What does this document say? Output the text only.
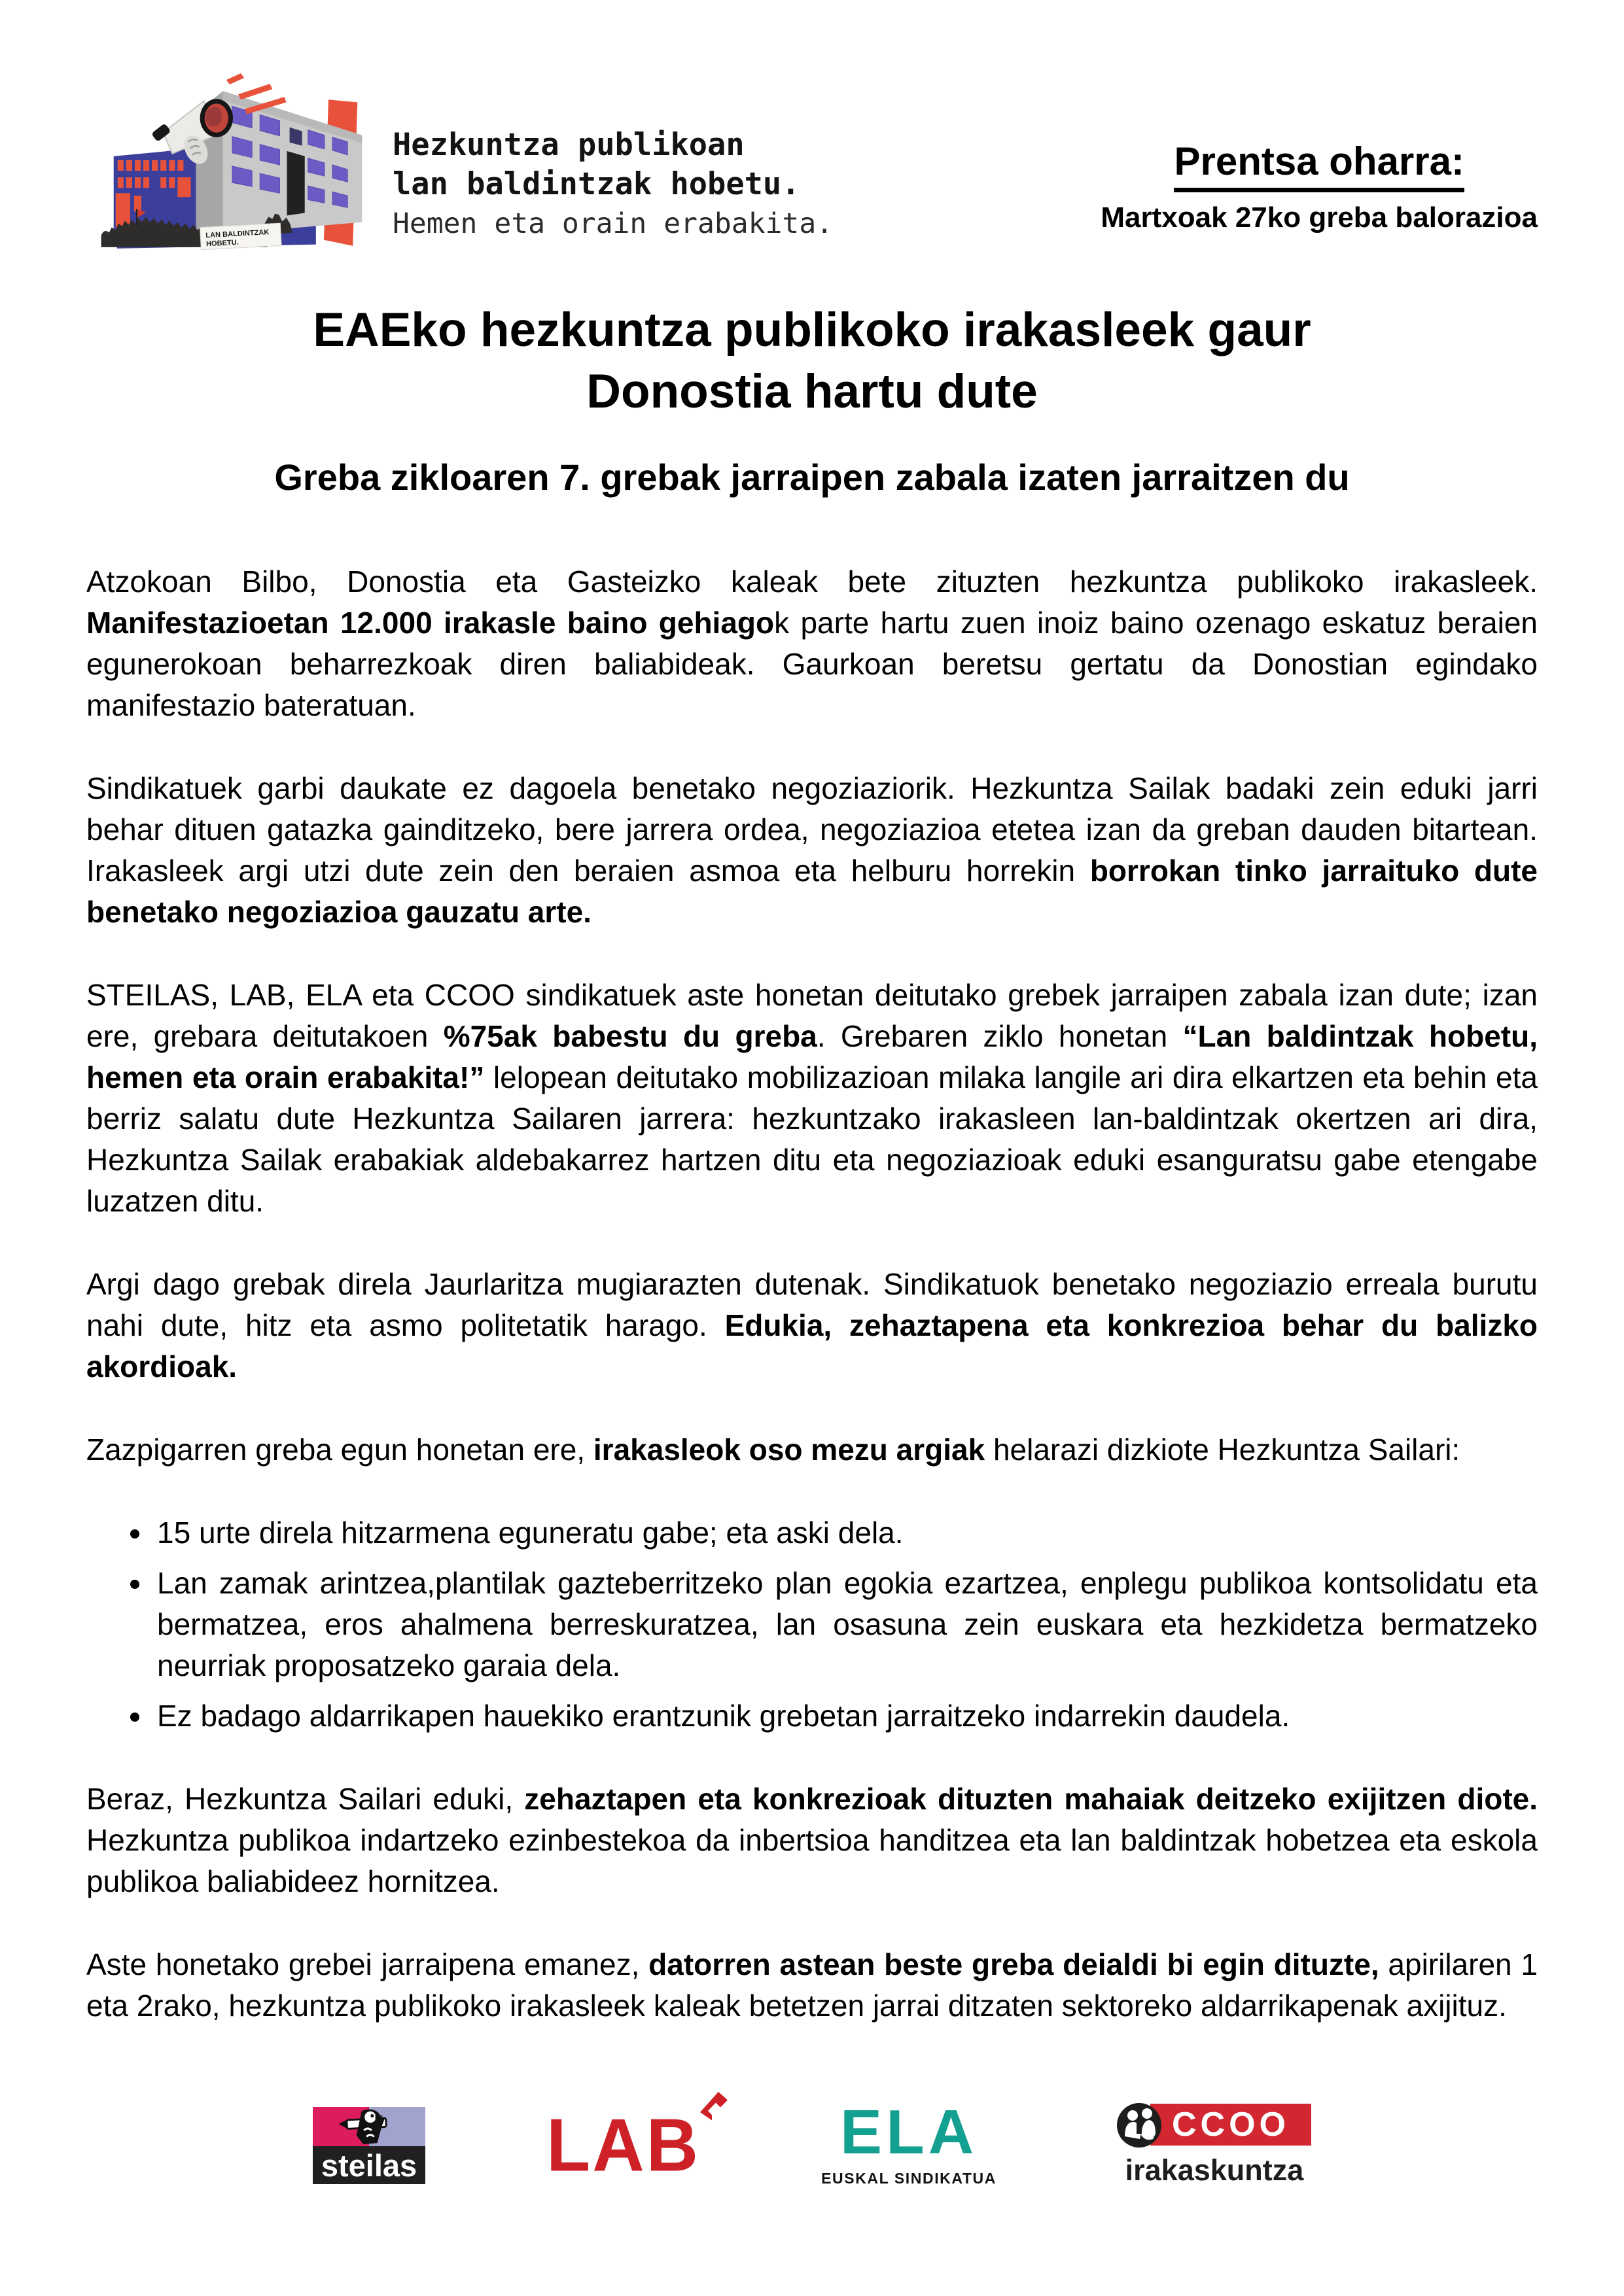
LAN BALDINTZAK
HOBETU.
Hezkuntza publikoan
lan baldintzak hobetu.
Hemen eta orain erabakita.
Prentsa oharra:
Martxoak 27ko greba balorazioa
EAEko hezkuntza publikoko irakasleek gaur
Donostia hartu dute
Greba zikloaren 7. grebak jarraipen zabala izaten jarraitzen du

Atzokoan Bilbo, Donostia eta Gasteizko kaleak bete zituzten hezkuntza publikoko irakasleek. Manifestazioetan 12.000 irakasle baino gehiagok parte hartu zuen inoiz baino ozenago eskatuz beraien egunerokoan beharrezkoak diren baliabideak. Gaurkoan beretsu gertatu da Donostian egindako manifestazio bateratuan.

Sindikatuek garbi daukate ez dagoela benetako negoziaziorik. Hezkuntza Sailak badaki zein eduki jarri behar dituen gatazka gainditzeko, bere jarrera ordea, negoziazioa etetea izan da greban dauden bitartean. Irakasleek argi utzi dute zein den beraien asmoa eta helburu horrekin borrokan tinko jarraituko dute benetako negoziazioa gauzatu arte.

STEILAS, LAB, ELA eta CCOO sindikatuek aste honetan deitutako grebek jarraipen zabala izan dute; izan ere, grebara deitutakoen %75ak babestu du greba. Grebaren ziklo honetan “Lan baldintzak hobetu, hemen eta orain erabakita!” lelopean deitutako mobilizazioan milaka langile ari dira elkartzen eta behin eta berriz salatu dute Hezkuntza Sailaren jarrera: hezkuntzako irakasleen lan-baldintzak okertzen ari dira, Hezkuntza Sailak erabakiak aldebakarrez hartzen ditu eta negoziazioak eduki esanguratsu gabe etengabe luzatzen ditu.

Argi dago grebak direla Jaurlaritza mugiarazten dutenak. Sindikatuok benetako negoziazio erreala burutu nahi dute, hitz eta asmo politetatik harago. Edukia, zehaztapena eta konkrezioa behar du balizko akordioak.

Zazpigarren greba egun honetan ere, irakasleok oso mezu argiak helarazi dizkiote Hezkuntza Sailari:

• 15 urte direla hitzarmena eguneratu gabe; eta aski dela.
• Lan zamak arintzea,plantilak gazteberritzeko plan egokia ezartzea, enplegu publikoa kontsolidatu eta bermatzea, eros ahalmena berreskuratzea, lan osasuna zein euskara eta hezkidetza bermatzeko neurriak proposatzeko garaia dela.
• Ez badago aldarrikapen hauekiko erantzunik grebetan jarraitzeko indarrekin daudela.

Beraz, Hezkuntza Sailari eduki, zehaztapen eta konkrezioak dituzten mahaiak deitzeko exijitzen diote. Hezkuntza publikoa indartzeko ezinbestekoa da inbertsioa handitzea eta lan baldintzak hobetzea eta eskola publikoa baliabideez hornitzea.

Aste honetako grebei jarraipena emanez, datorren astean beste greba deialdi bi egin dituzte, apirilaren 1 eta 2rako, hezkuntza publikoko irakasleek kaleak betetzen jarrai ditzaten sektoreko aldarrikapenak axijituz.

steilas LAB	ELA
EUSKAL SINDIKATUA
CCOO
irakaskuntza
